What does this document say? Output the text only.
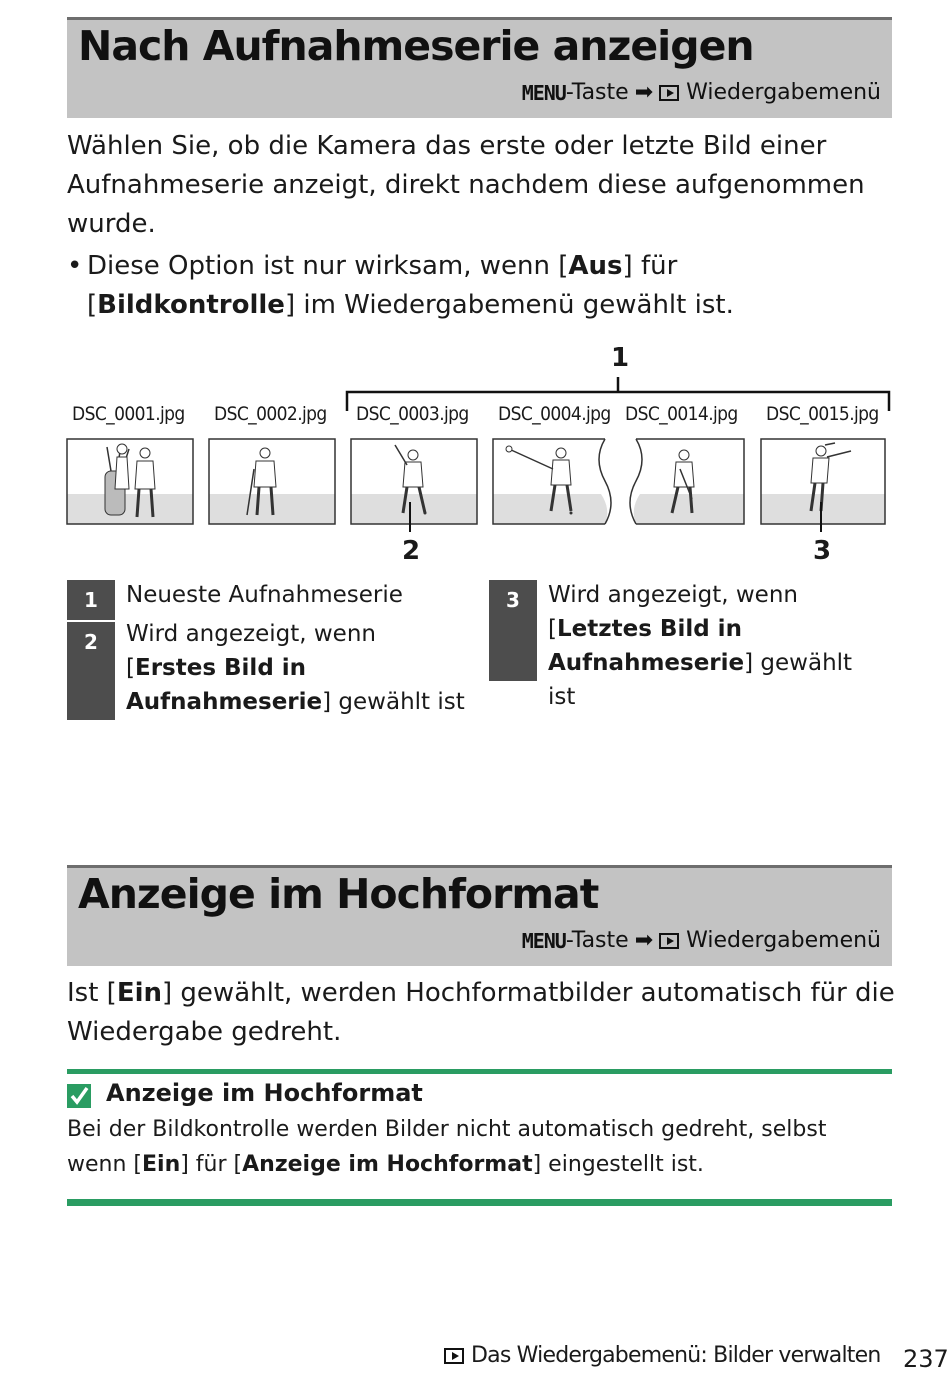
Nach Aufnahmeserie anzeigen
MENU -Taste ➡ Wiedergabemenü
Wählen Sie, ob die Kamera das erste oder letzte Bild einer Aufnahmeserie anzeigt, direkt nachdem diese aufgenommen wurde.
• Diese Option ist nur wirksam, wenn [Aus] für [Bildkontrolle] im Wiedergabemenü gewählt ist.
1
DSC_0001.jpg DSC_0002.jpg DSC_0003.jpg DSC_0004.jpg DSC_0014.jpg DSC_0015.jpg
2	3
1	Neueste Aufnahmeserie
2	Wird angezeigt, wenn [Erstes Bild in Aufnahmeserie] gewählt ist
3	Wird angezeigt, wenn [Letztes Bild in Aufnahmeserie] gewählt ist
Anzeige im Hochformat
MENU -Taste ➡ Wiedergabemenü
Ist [Ein] gewählt, werden Hochformatbilder automatisch für die Wiedergabe gedreht.
Anzeige im Hochformat
Bei der Bildkontrolle werden Bilder nicht automatisch gedreht, selbst wenn [Ein] für [Anzeige im Hochformat] eingestellt ist.
Das Wiedergabemenü: Bilder verwalten 237
